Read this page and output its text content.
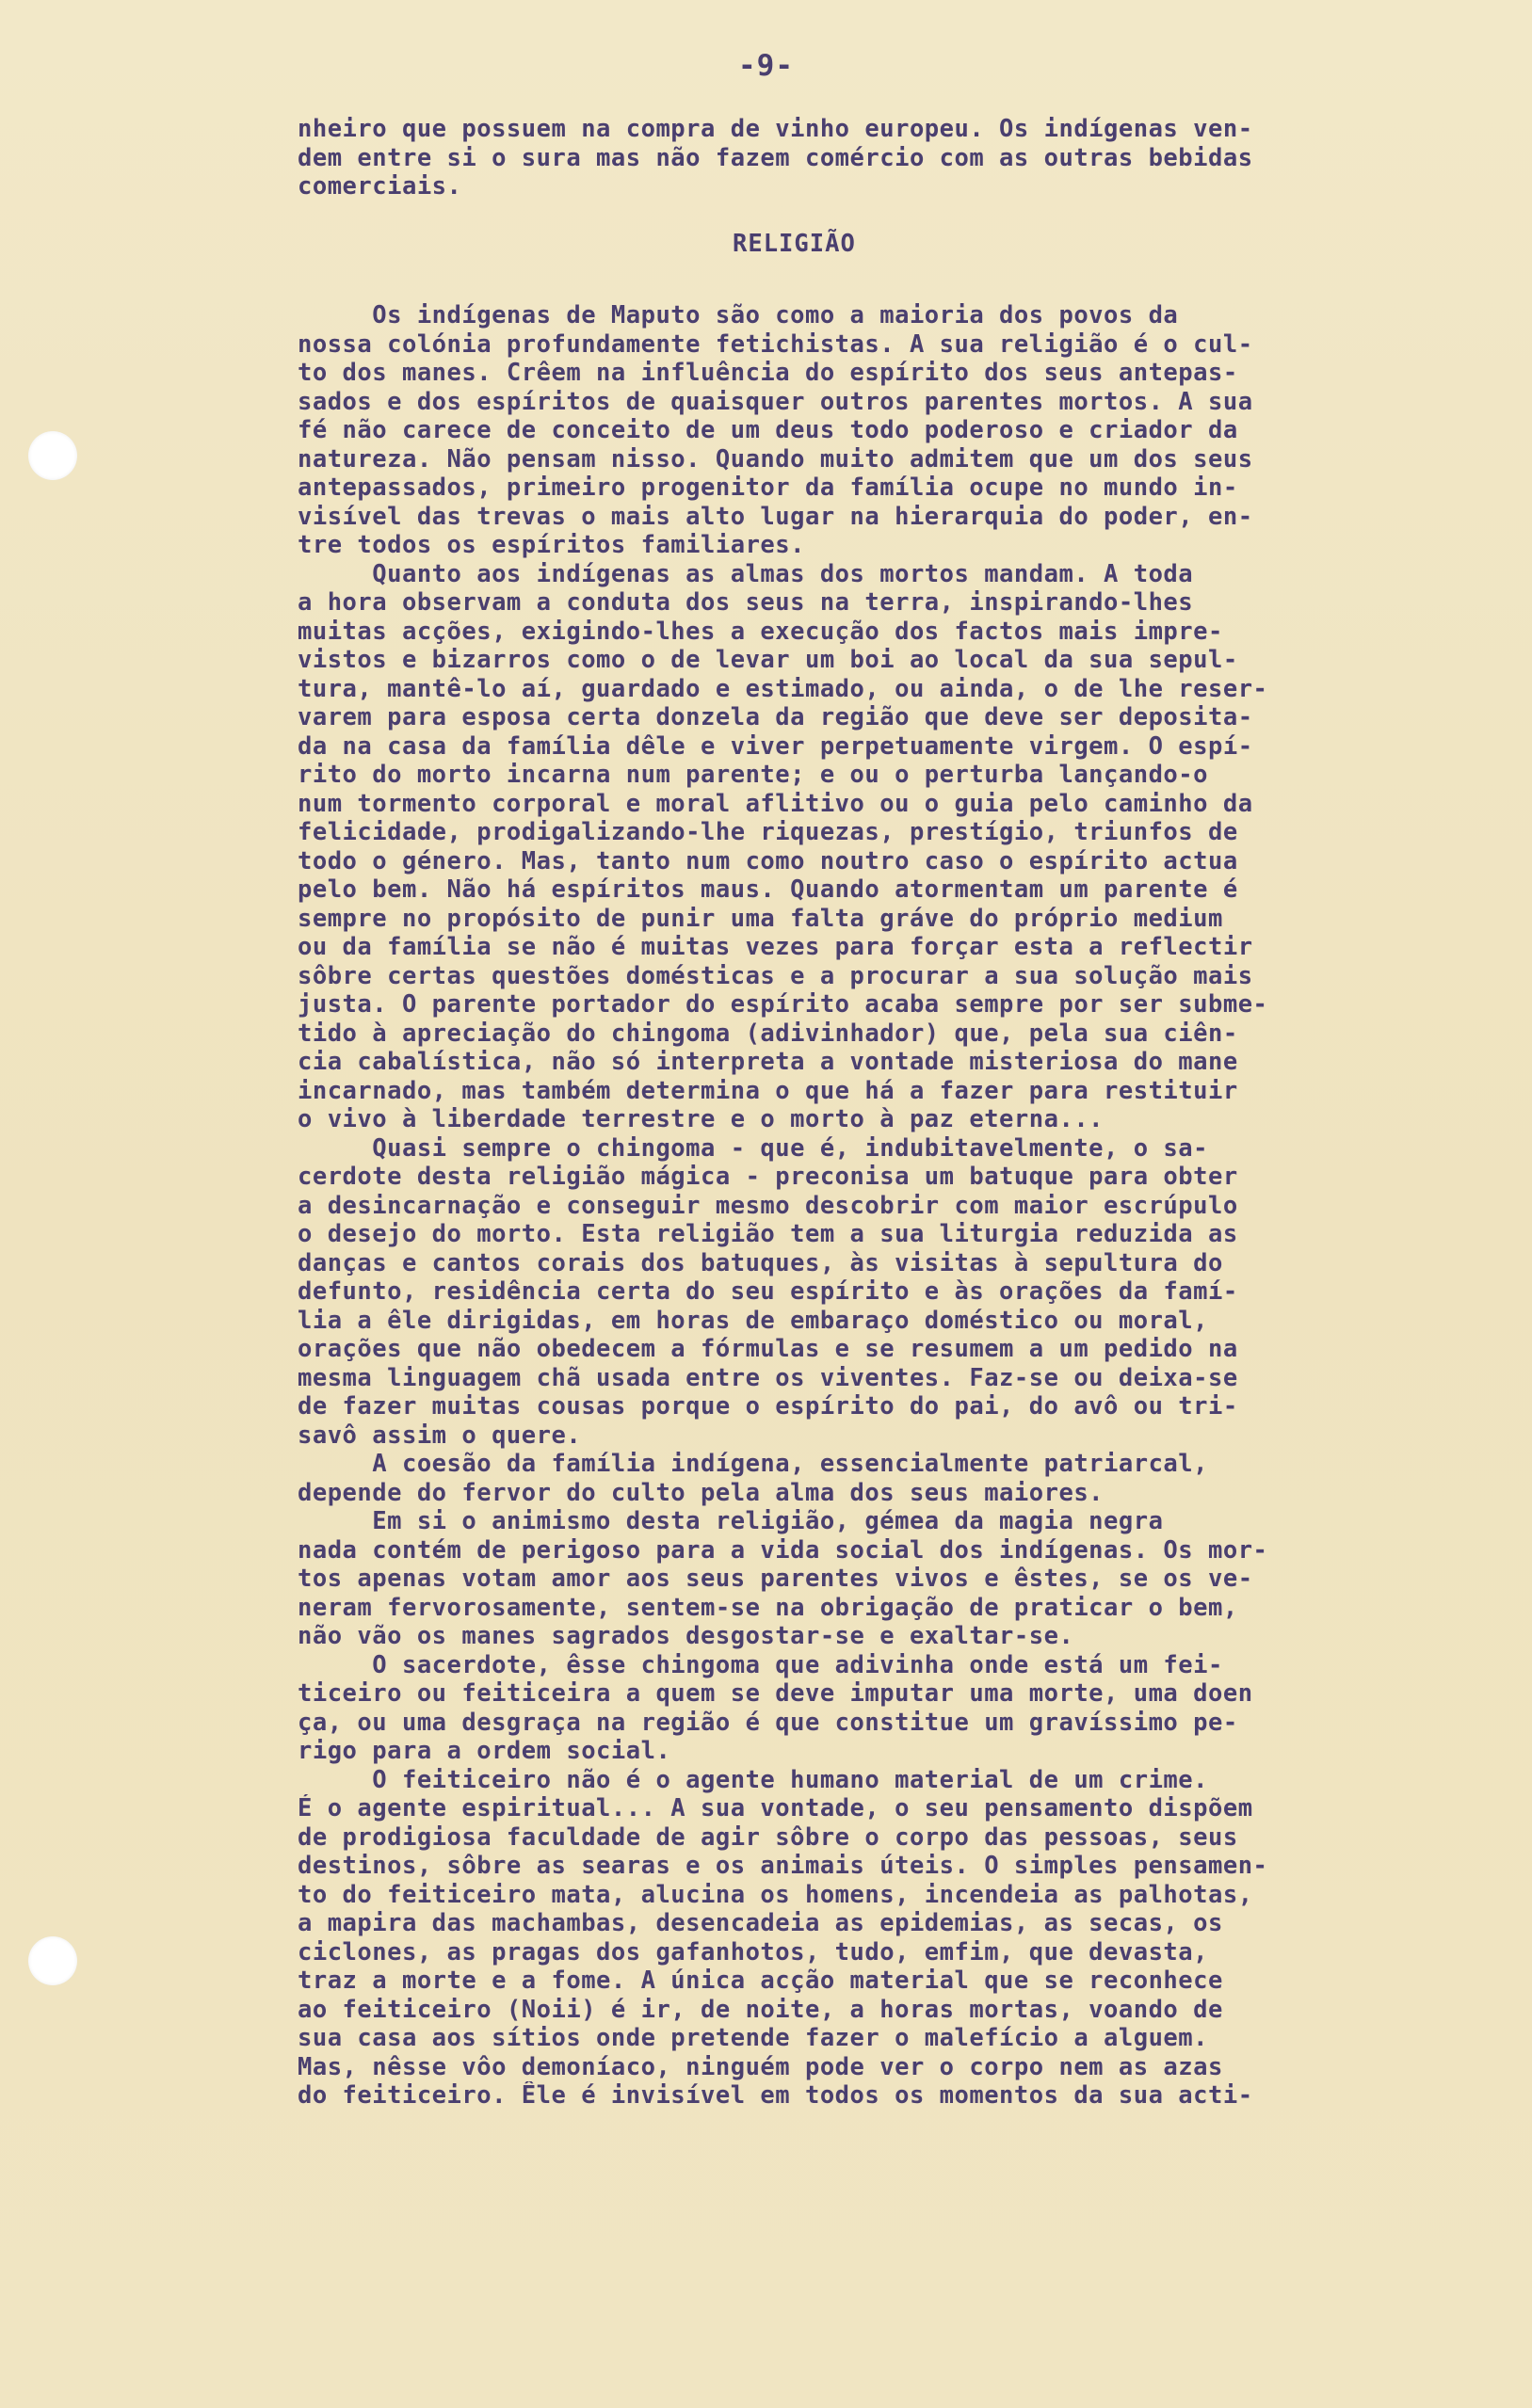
-9-
nheiro que possuem na compra de vinho europeu. Os indígenas ven-
dem entre si o sura mas não fazem comércio com as outras bebidas
comerciais.
RELIGIÃO
Os indígenas de Maputo são como a maioria dos povos da
nossa colónia profundamente fetichistas. A sua religião é o cul-
to dos manes. Crêem na influência do espírito dos seus antepas-
sados e dos espíritos de quaisquer outros parentes mortos. A sua
fé não carece de conceito de um deus todo poderoso e criador da
natureza. Não pensam nisso. Quando muito admitem que um dos seus
antepassados, primeiro progenitor da família ocupe no mundo in-
visível das trevas o mais alto lugar na hierarquia do poder, en-
tre todos os espíritos familiares.
Quanto aos indígenas as almas dos mortos mandam. A toda
a hora observam a conduta dos seus na terra, inspirando-lhes
muitas acções, exigindo-lhes a execução dos factos mais impre-
vistos e bizarros como o de levar um boi ao local da sua sepul-
tura, mantê-lo aí, guardado e estimado, ou ainda, o de lhe reser-
varem para esposa certa donzela da região que deve ser deposita-
da na casa da família dêle e viver perpetuamente virgem. O espí-
rito do morto incarna num parente; e ou o perturba lançando-o
num tormento corporal e moral aflitivo ou o guia pelo caminho da
felicidade, prodigalizando-lhe riquezas, prestígio, triunfos de
todo o género. Mas, tanto num como noutro caso o espírito actua
pelo bem. Não há espíritos maus. Quando atormentam um parente é
sempre no propósito de punir uma falta gráve do próprio medium
ou da família se não é muitas vezes para forçar esta a reflectir
sôbre certas questões domésticas e a procurar a sua solução mais
justa. O parente portador do espírito acaba sempre por ser subme-
tido à apreciação do chingoma (adivinhador) que, pela sua ciên-
cia cabalística, não só interpreta a vontade misteriosa do mane
incarnado, mas também determina o que há a fazer para restituir
o vivo à liberdade terrestre e o morto à paz eterna...
Quasi sempre o chingoma - que é, indubitavelmente, o sa-
cerdote desta religião mágica - preconisa um batuque para obter
a desincarnação e conseguir mesmo descobrir com maior escrúpulo
o desejo do morto. Esta religião tem a sua liturgia reduzida as
danças e cantos corais dos batuques, às visitas à sepultura do
defunto, residência certa do seu espírito e às orações da famí-
lia a êle dirigidas, em horas de embaraço doméstico ou moral,
orações que não obedecem a fórmulas e se resumem a um pedido na
mesma linguagem chã usada entre os viventes. Faz-se ou deixa-se
de fazer muitas cousas porque o espírito do pai, do avô ou tri-
savô assim o quere.
A coesão da família indígena, essencialmente patriarcal,
depende do fervor do culto pela alma dos seus maiores.
Em si o animismo desta religião, gémea da magia negra
nada contém de perigoso para a vida social dos indígenas. Os mor-
tos apenas votam amor aos seus parentes vivos e êstes, se os ve-
neram fervorosamente, sentem-se na obrigação de praticar o bem,
não vão os manes sagrados desgostar-se e exaltar-se.
O sacerdote, êsse chingoma que adivinha onde está um fei-
ticeiro ou feiticeira a quem se deve imputar uma morte, uma doen
ça, ou uma desgraça na região é que constitue um gravíssimo pe-
rigo para a ordem social.
O feiticeiro não é o agente humano material de um crime.
É o agente espiritual... A sua vontade, o seu pensamento dispõem
de prodigiosa faculdade de agir sôbre o corpo das pessoas, seus
destinos, sôbre as searas e os animais úteis. O simples pensamen-
to do feiticeiro mata, alucina os homens, incendeia as palhotas,
a mapira das machambas, desencadeia as epidemias, as secas, os
ciclones, as pragas dos gafanhotos, tudo, emfim, que devasta,
traz a morte e a fome. A única acção material que se reconhece
ao feiticeiro (Noii) é ir, de noite, a horas mortas, voando de
sua casa aos sítios onde pretende fazer o malefício a alguem.
Mas, nêsse vôo demoníaco, ninguém pode ver o corpo nem as azas
do feiticeiro. Êle é invisível em todos os momentos da sua acti-
